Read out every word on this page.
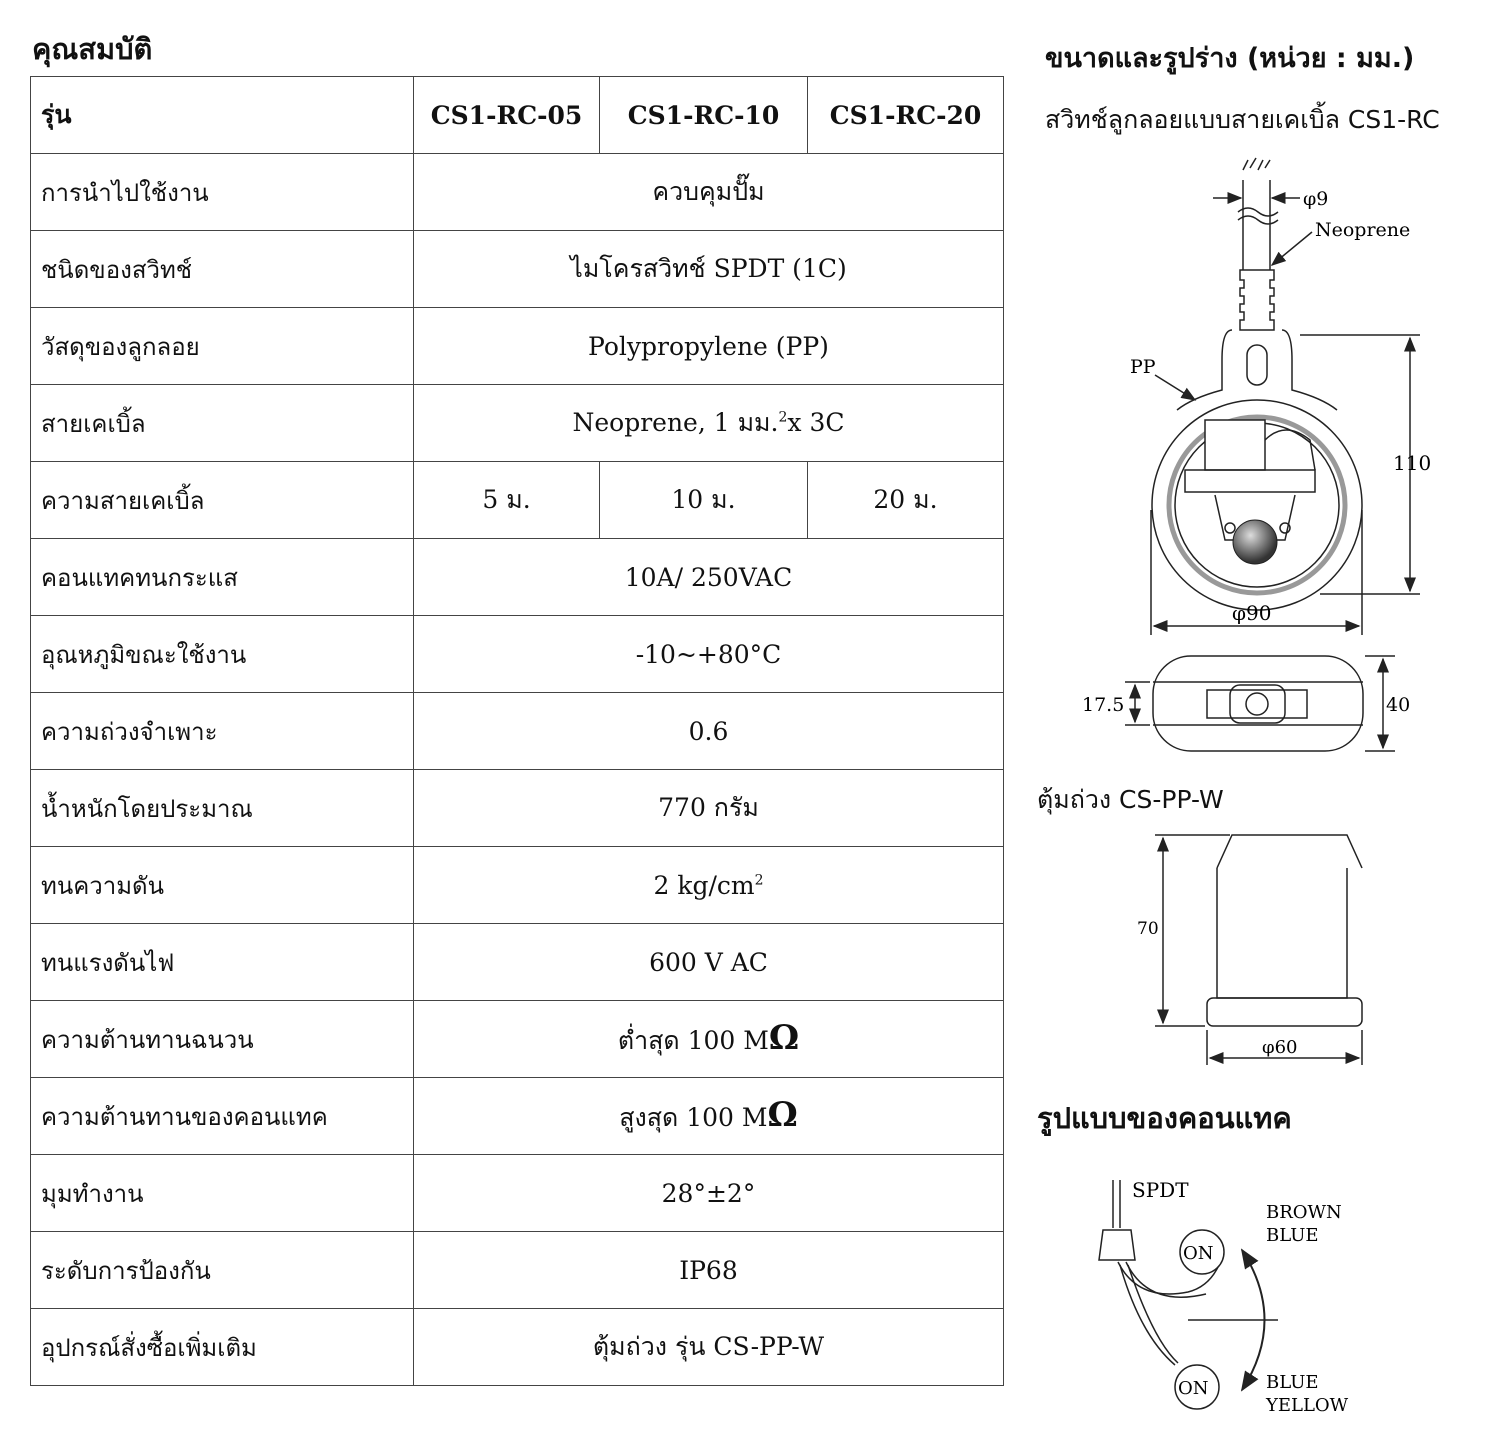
คุณสมบัติ
รุ่น	CS1-RC-05	CS1-RC-10	CS1-RC-20
การนำไปใช้งาน	ควบคุมปั๊ม		
ชนิดของสวิทช์	ไมโครสวิทช์ SPDT (1C)		
วัสดุของลูกลอย	Polypropylene (PP)		
สายเคเบิ้ล	Neoprene, 1 มม.$^2$x 3C		
ความสายเคเบิ้ล	5 ม.	10 ม.	20 ม.
คอนแทคทนกระแส	10A/ 250VAC		
อุณหภูมิขณะใช้งาน	-10~+80°C		
ความถ่วงจำเพาะ	0.6		
น้ำหนักโดยประมาณ	770 กรัม		
ทนความดัน	2 $kg/cm^2$
ทนแรงดันไฟ	600 V AC		
ความต้านทานฉนวน	ต่ำสุด 100 MΩ		
ความต้านทานของคอนแทค	สูงสุด 100 MΩ		
มุมทำงาน	28°±2°		
ระดับการป้องกัน	IP68		
อุปกรณ์สั่งซื้อเพิ่มเติม	ตุ้มถ่วง รุ่น CS-PP-W		
ขนาดและรูปร่าง (หน่วย : มม.)
สวิทช์ลูกลอยแบบสายเคเบิ้ล CS1-RC
φ9
Neoprene
PP
110
φ90
17.5	40
70
φ60
SPDT
ON
ON
BROWN
BLUE
BLUE
YELLOW
ตุ้มถ่วง CS-PP-W
รูปแบบของคอนแทค
